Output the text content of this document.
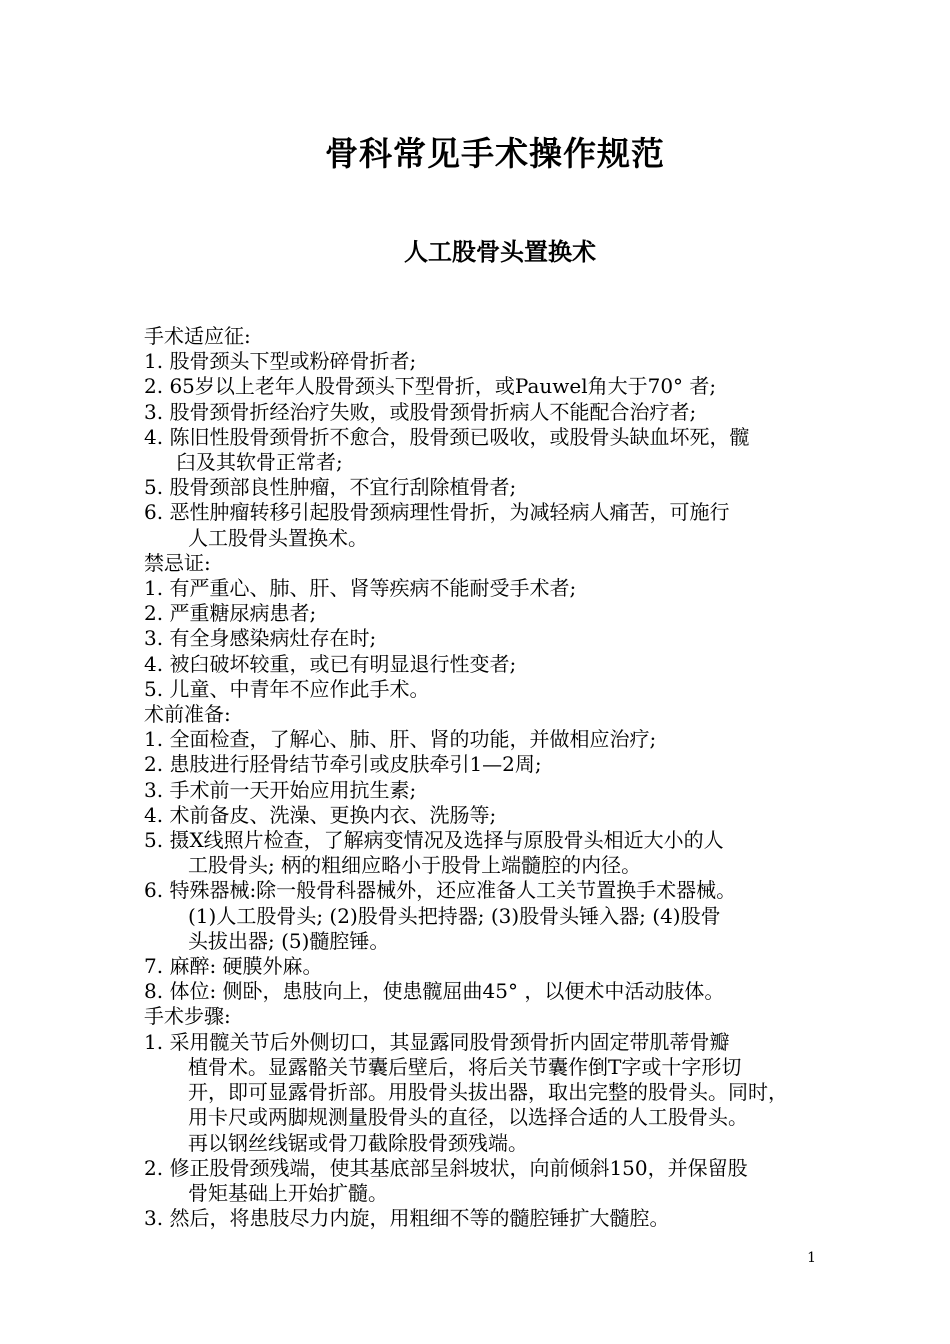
骨科常见手术操作规范
人工股骨头置换术
手术适应征:
1. 股骨颈头下型或粉碎骨折者;
2. 65岁以上老年人股骨颈头下型骨折，或Pauwel角大于70° 者;
3. 股骨颈骨折经治疗失败，或股骨颈骨折病人不能配合治疗者;
4. 陈旧性股骨颈骨折不愈合，股骨颈已吸收，或股骨头缺血坏死，髋
臼及其软骨正常者;
5. 股骨颈部良性肿瘤，不宜行刮除植骨者;
6. 恶性肿瘤转移引起股骨颈病理性骨折，为减轻病人痛苦，可施行
人工股骨头置换术。
禁忌证:
1. 有严重心、肺、肝、肾等疾病不能耐受手术者;
2. 严重糖尿病患者;
3. 有全身感染病灶存在时;
4. 被臼破坏较重，或已有明显退行性变者;
5. 儿童、中青年不应作此手术。
术前准备:
1. 全面检查，了解心、肺、肝、肾的功能，并做相应治疗;
2. 患肢进行胫骨结节牵引或皮肤牵引1—2周;
3. 手术前一天开始应用抗生素;
4. 术前备皮、洗澡、更换内衣、洗肠等;
5. 摄X线照片检查，了解病变情况及选择与原股骨头相近大小的人
工股骨头; 柄的粗细应略小于股骨上端髓腔的内径。
6. 特殊器械:除一般骨科器械外，还应准备人工关节置换手术器械。
(1)人工股骨头; (2)股骨头把持器; (3)股骨头锤入器; (4)股骨
头拔出器; (5)髓腔锤。
7. 麻醉: 硬膜外麻。
8. 体位: 侧卧，患肢向上，使患髋屈曲45° ，以便术中活动肢体。
手术步骤:
1. 采用髋关节后外侧切口，其显露同股骨颈骨折内固定带肌蒂骨瓣
植骨术。显露骼关节囊后壁后，将后关节囊作倒T字或十字形切
开，即可显露骨折部。用股骨头拔出器，取出完整的股骨头。同时，
用卡尺或两脚规测量股骨头的直径，以选择合适的人工股骨头。
再以钢丝线锯或骨刀截除股骨颈残端。
2. 修正股骨颈残端，使其基底部呈斜坡状，向前倾斜150，并保留股
骨矩基础上开始扩髓。
3. 然后，将患肢尽力内旋，用粗细不等的髓腔锤扩大髓腔。
1
